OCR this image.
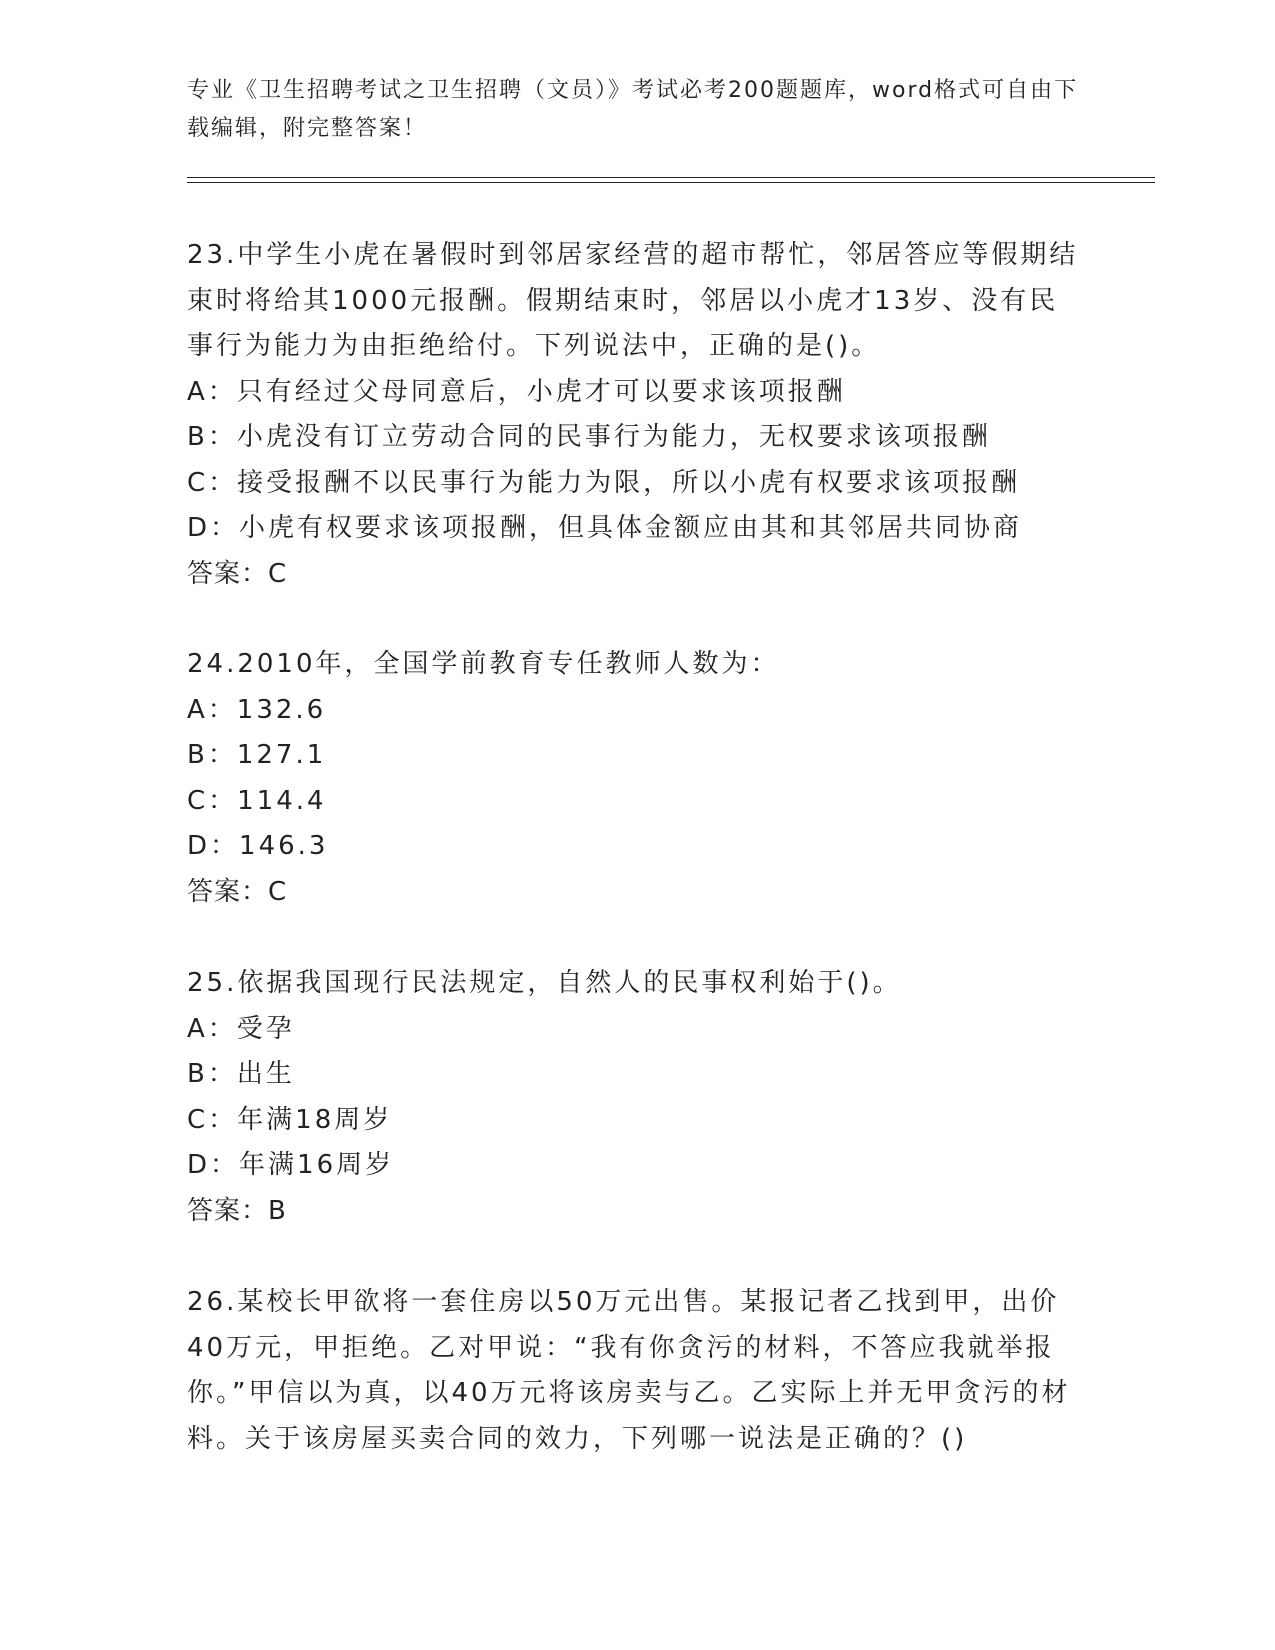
专业《卫生招聘考试之卫生招聘（文员）》考试必考200题题库，word格式可自由下载编辑，附完整答案！
23.中学生小虎在暑假时到邻居家经营的超市帮忙，邻居答应等假期结束时将给其1000元报酬。假期结束时，邻居以小虎才13岁、没有民事行为能力为由拒绝给付。下列说法中，正确的是()。
A：只有经过父母同意后，小虎才可以要求该项报酬
B：小虎没有订立劳动合同的民事行为能力，无权要求该项报酬
C：接受报酬不以民事行为能力为限，所以小虎有权要求该项报酬
D：小虎有权要求该项报酬，但具体金额应由其和其邻居共同协商
答案：C
24.2010年，全国学前教育专任教师人数为：
A：132.6
B：127.1
C：114.4
D：146.3
答案：C
25.依据我国现行民法规定，自然人的民事权利始于()。
A：受孕
B：出生
C：年满18周岁
D：年满16周岁
答案：B
26.某校长甲欲将一套住房以50万元出售。某报记者乙找到甲，出价40万元，甲拒绝。乙对甲说：“我有你贪污的材料，不答应我就举报你。”甲信以为真，以40万元将该房卖与乙。乙实际上并无甲贪污的材料。关于该房屋买卖合同的效力，下列哪一说法是正确的？()
